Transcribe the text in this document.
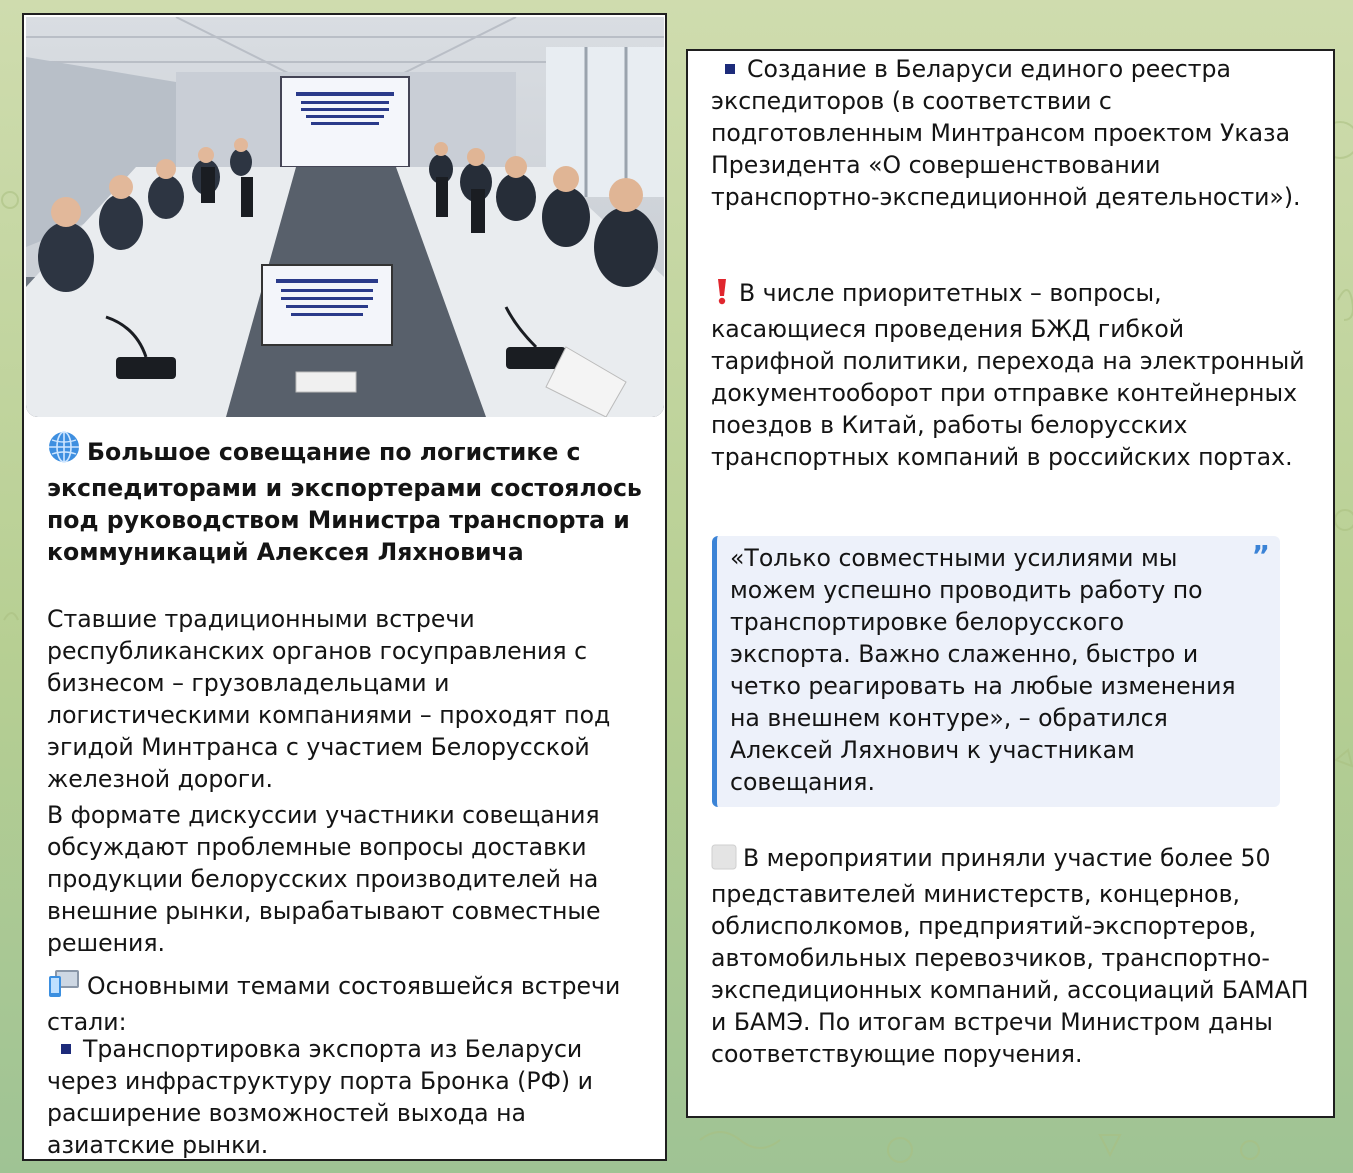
Большое совещание по логистике с экспедиторами и экспортерами состоялось под руководством Министра транспорта и коммуникаций Алексея Ляхновича

Ставшие традиционными встречи республиканских органов госуправления с бизнесом – грузовладельцами и логистическими компаниями – проходят под эгидой Минтранса с участием Белорусской железной дороги.

В формате дискуссии участники совещания обсуждают проблемные вопросы доставки продукции белорусских производителей на внешние рынки, вырабатывают совместные решения.

Основными темами состоявшейся встречи стали:

Транспортировка экспорта из Беларуси через инфраструктуру порта Бронка (РФ) и расширение возможностей выхода на азиатские рынки.

Создание в Беларуси единого реестра экспедиторов (в соответствии с подготовленным Минтрансом проектом Указа Президента «О совершенствовании транспортно-экспедиционной деятельности»).

В числе приоритетных – вопросы, касающиеся проведения БЖД гибкой тарифной политики, перехода на электронный документооборот при отправке контейнерных поездов в Китай, работы белорусских транспортных компаний в российских портах.

”

«Только совместными усилиями мы можем успешно проводить работу по транспортировке белорусского экспорта. Важно слаженно, быстро и четко реагировать на любые изменения на внешнем контуре», – обратился Алексей Ляхнович к участникам совещания.

В мероприятии приняли участие более 50 представителей министерств, концернов, облисполкомов, предприятий-экспортеров, автомобильных перевозчиков, транспортно-экспедиционных компаний, ассоциаций БАМАП и БАМЭ. По итогам встречи Министром даны соответствующие поручения.
